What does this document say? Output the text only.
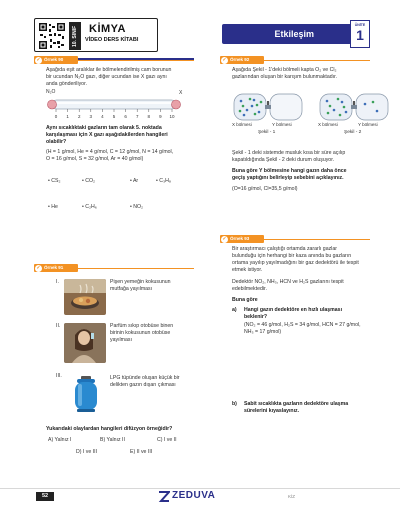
10. SINIF KİMYA
VİDEO DERS KİTABI
Etkileşim
ÜNİTE
1
✓ Örnek 90
Aşağıda eşit aralıklar ile bölmelendirilmiş cam borunun
bir ucundan N₂O gazı, diğer ucundan ise X gazı aynı
anda gönderiliyor.
0 1 2 3 4 5 6 7 8 9 10
N₂O	X
Aynı sıcaklıktaki gazların tam olarak 5. noktada
karşılaşması için X gazı aşağıdakilerden hangileri
olabilir?
(H = 1 g/mol, He = 4 g/mol, C = 12 g/mol, N = 14 g/mol,
O = 16 g/mol, S = 32 g/mol, Ar = 40 g/mol)
• CS₂	• CO₂	• Ar	• C₃H₈
• He	• C₂H₆	• NO₂
✓ Örnek 91
I.	Pişen yemeğin kokusunun
mutfağa yayılması
II.	Parfüm sıkıp otobüse binen
birinin kokusunun otobüse
yayılması
III.	LPG tüpünde oluşan küçük bir
delikten gazın dışarı çıkması
Yukarıdaki olaylardan hangileri difüzyon örneğidir?
A) Yalnız I	B) Yalnız II	C) I ve II
D) I ve III	E) II ve III
✓ Örnek 92
Aşağıda Şekil - 1'deki bölmeli kapta O₂ ve Cl₂
gazlarından oluşan bir karışım bulunmaktadır.
X bölmesi	Y bölmesi	X bölmesi	Y bölmesi
Şekil - 1	Şekil - 2
Şekil - 1 deki sistemde musluk kısa bir süre açılıp
kapatıldığında Şekil - 2 deki durum oluşuyor.
Buna göre Y bölmesine hangi gazın daha önce
geçiş yaptığını belirleyip sebebini açıklayınız.
(O=16 g/mol, Cl=35,5 g/mol)
✓ Örnek 93
Bir araştırmacı çalıştığı ortamda zararlı gazlar
bulunduğu için herhangi bir kaza anında bu gazların
ortama yayılıp yayılmadığını bir gaz dedektörü ile tespit
etmek istiyor.
Dedektör NO₂, NH₃, HCN ve H₂S gazlarını tespit
edebilmektedir.
Buna göre
a) Hangi gazın dedektöre en hızlı ulaşması
beklenir?
(NO₂ = 46 g/mol, H₂S = 34 g/mol, HCN = 27 g/mol,
NH₃ = 17 g/mol)
b) Sabit sıcaklıkta gazların dedektöre ulaşma
sürelerini kıyaslayınız.
52	ZEDUVA	KİZ
